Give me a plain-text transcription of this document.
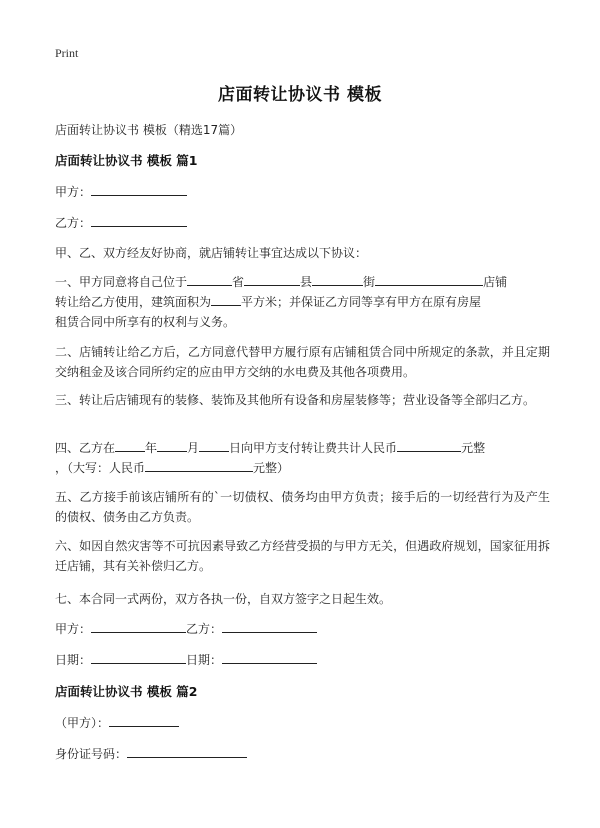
Print
店面转让协议书 模板
店面转让协议书 模板（精选17篇）
店面转让协议书 模板 篇1
甲方：
乙方：
甲、乙、双方经友好协商，就店铺转让事宜达成以下协议：
一、甲方同意将自己位于	省	县	街	店铺
转让给乙方使用，建筑面积为	平方米；并保证乙方同等享有甲方在原有房屋
租赁合同中所享有的权利与义务。
二、店铺转让给乙方后，乙方同意代替甲方履行原有店铺租赁合同中所规定的条款，并且定期交纳租金及该合同所约定的应由甲方交纳的水电费及其他各项费用。
三、转让后店铺现有的装修、装饰及其他所有设备和房屋装修等；营业设备等全部归乙方。
四、乙方在	年	月	日向甲方支付转让费共计人民币	元整
，（大写：人民币	元整）
五、乙方接手前该店铺所有的`一切债权、债务均由甲方负责；接手后的一切经营行为及产生的债权、债务由乙方负责。
六、如因自然灾害等不可抗因素导致乙方经营受损的与甲方无关，但遇政府规划，国家征用拆迁店铺，其有关补偿归乙方。
七、本合同一式两份，双方各执一份，自双方签字之日起生效。
甲方：	乙方：
日期：	日期：
店面转让协议书 模板 篇2
（甲方）：
身份证号码：
